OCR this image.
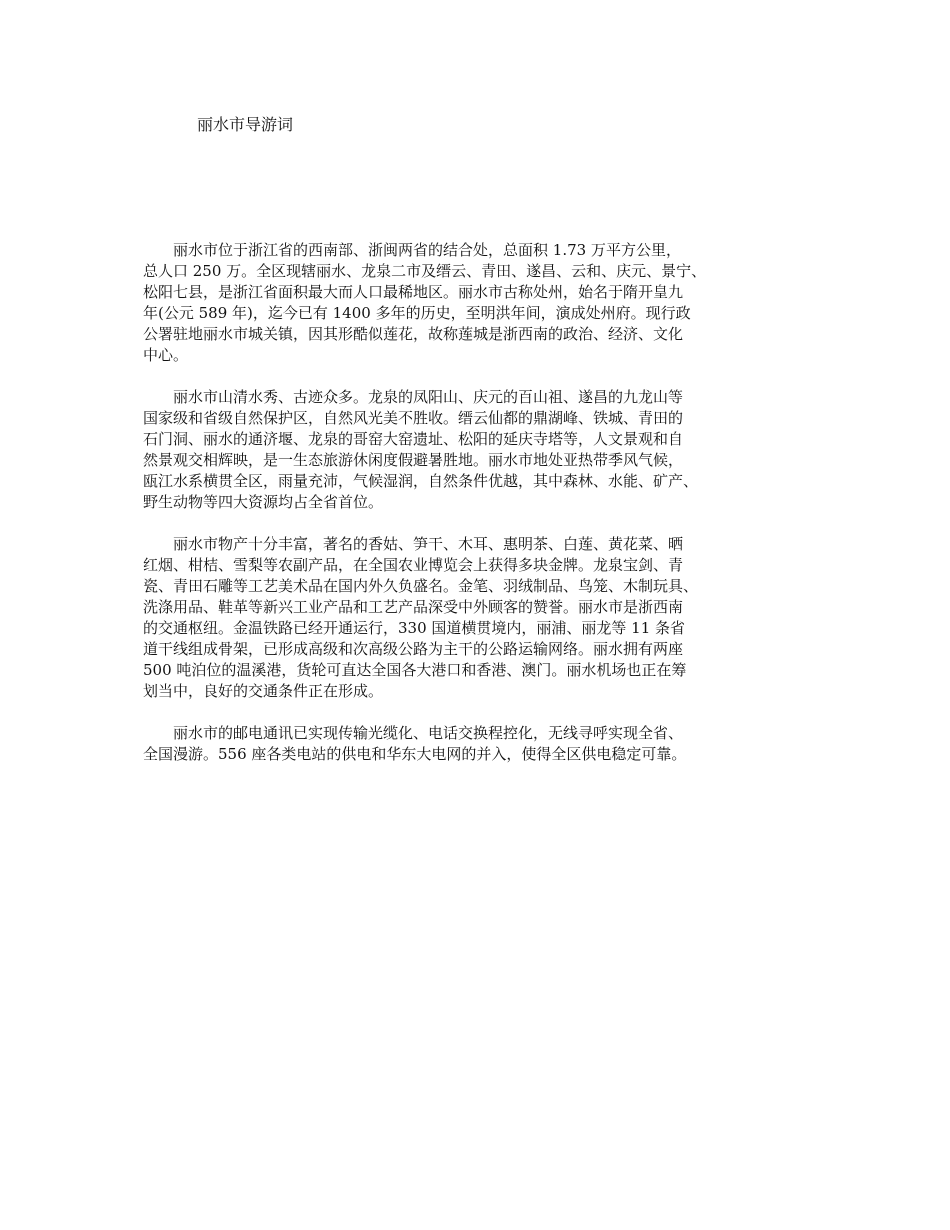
丽水市导游词

　　丽水市位于浙江省的西南部、浙闽两省的结合处，总面积 1.73 万平方公里，
总人口 250 万。全区现辖丽水、龙泉二市及缙云、青田、遂昌、云和、庆元、景宁、
松阳七县，是浙江省面积最大而人口最稀地区。丽水市古称处州，始名于隋开皇九
年(公元 589 年)，迄今已有 1400 多年的历史，至明洪年间，演成处州府。现行政
公署驻地丽水市城关镇，因其形酷似莲花，故称莲城是浙西南的政治、经济、文化
中心。

　　丽水市山清水秀、古迹众多。龙泉的凤阳山、庆元的百山祖、遂昌的九龙山等
国家级和省级自然保护区，自然风光美不胜收。缙云仙都的鼎湖峰、铁城、青田的
石门洞、丽水的通济堰、龙泉的哥窑大窑遗址、松阳的延庆寺塔等，人文景观和自
然景观交相辉映，是一生态旅游休闲度假避暑胜地。丽水市地处亚热带季风气候，
瓯江水系横贯全区，雨量充沛，气候湿润，自然条件优越，其中森林、水能、矿产、
野生动物等四大资源均占全省首位。

　　丽水市物产十分丰富，著名的香姑、笋干、木耳、惠明茶、白莲、黄花菜、晒
红烟、柑桔、雪梨等农副产品，在全国农业博览会上获得多块金牌。龙泉宝剑、青
瓷、青田石雕等工艺美术品在国内外久负盛名。金笔、羽绒制品、鸟笼、木制玩具、
洗涤用品、鞋革等新兴工业产品和工艺产品深受中外顾客的赞誉。丽水市是浙西南
的交通枢纽。金温铁路已经开通运行，330 国道横贯境内，丽浦、丽龙等 11 条省
道干线组成骨架，已形成高级和次高级公路为主干的公路运输网络。丽水拥有两座
500 吨泊位的温溪港，货轮可直达全国各大港口和香港、澳门。丽水机场也正在筹
划当中，良好的交通条件正在形成。

　　丽水市的邮电通讯已实现传输光缆化、电话交换程控化，无线寻呼实现全省、
全国漫游。556 座各类电站的供电和华东大电网的并入，使得全区供电稳定可靠。
